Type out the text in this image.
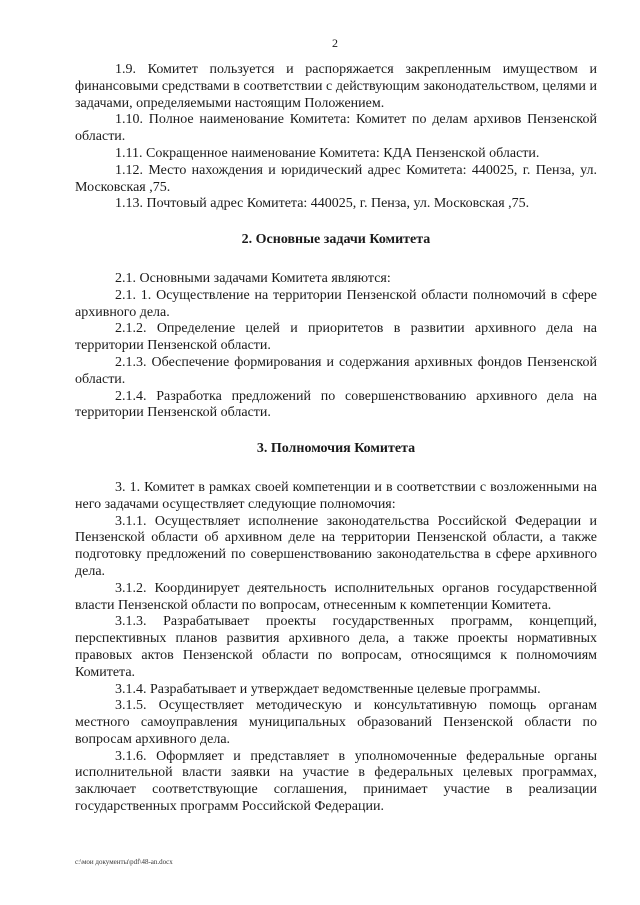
2

1.9. Комитет пользуется и распоряжается закрепленным имуществом и финансовыми средствами в соответствии с действующим законодательством, целями и задачами, определяемыми настоящим Положением.

1.10. Полное наименование Комитета: Комитет по делам архивов Пензенской области.

1.11. Сокращенное наименование Комитета: КДА Пензенской области.

1.12. Место нахождения и юридический адрес Комитета: 440025, г. Пенза, ул. Московская ,75.

1.13. Почтовый адрес Комитета: 440025, г. Пенза, ул. Московская ,75.

2. Основные задачи Комитета

2.1. Основными задачами Комитета являются:

2.1. 1. Осуществление на территории Пензенской области полномочий в сфере архивного дела.

2.1.2. Определение целей и приоритетов в развитии архивного дела на территории Пензенской области.

2.1.3. Обеспечение формирования и содержания архивных фондов Пензенской области.

2.1.4. Разработка предложений по совершенствованию архивного дела на территории Пензенской области.

3. Полномочия Комитета

3. 1. Комитет в рамках своей компетенции и в соответствии с возложенными на него задачами осуществляет следующие полномочия:

3.1.1. Осуществляет исполнение законодательства Российской Федерации и Пензенской области об архивном деле на территории Пензенской области, а также подготовку предложений по совершенствованию законодательства в сфере архивного дела.

3.1.2. Координирует деятельность исполнительных органов государственной власти Пензенской области по вопросам, отнесенным к компетенции Комитета.

3.1.3. Разрабатывает проекты государственных программ, концепций, перспективных планов развития архивного дела, а также проекты нормативных правовых актов Пензенской области по вопросам, относящимся к полномочиям Комитета.

3.1.4. Разрабатывает и утверждает ведомственные целевые программы.

3.1.5. Осуществляет методическую и консультативную помощь органам местного самоуправления муниципальных образований Пензенской области по вопросам архивного дела.

3.1.6. Оформляет и представляет в уполномоченные федеральные органы исполнительной власти заявки на участие в федеральных целевых программах, заключает соответствующие соглашения, принимает участие в реализации государственных программ Российской Федерации.

c:\мои документы\pdf\48-an.docx
